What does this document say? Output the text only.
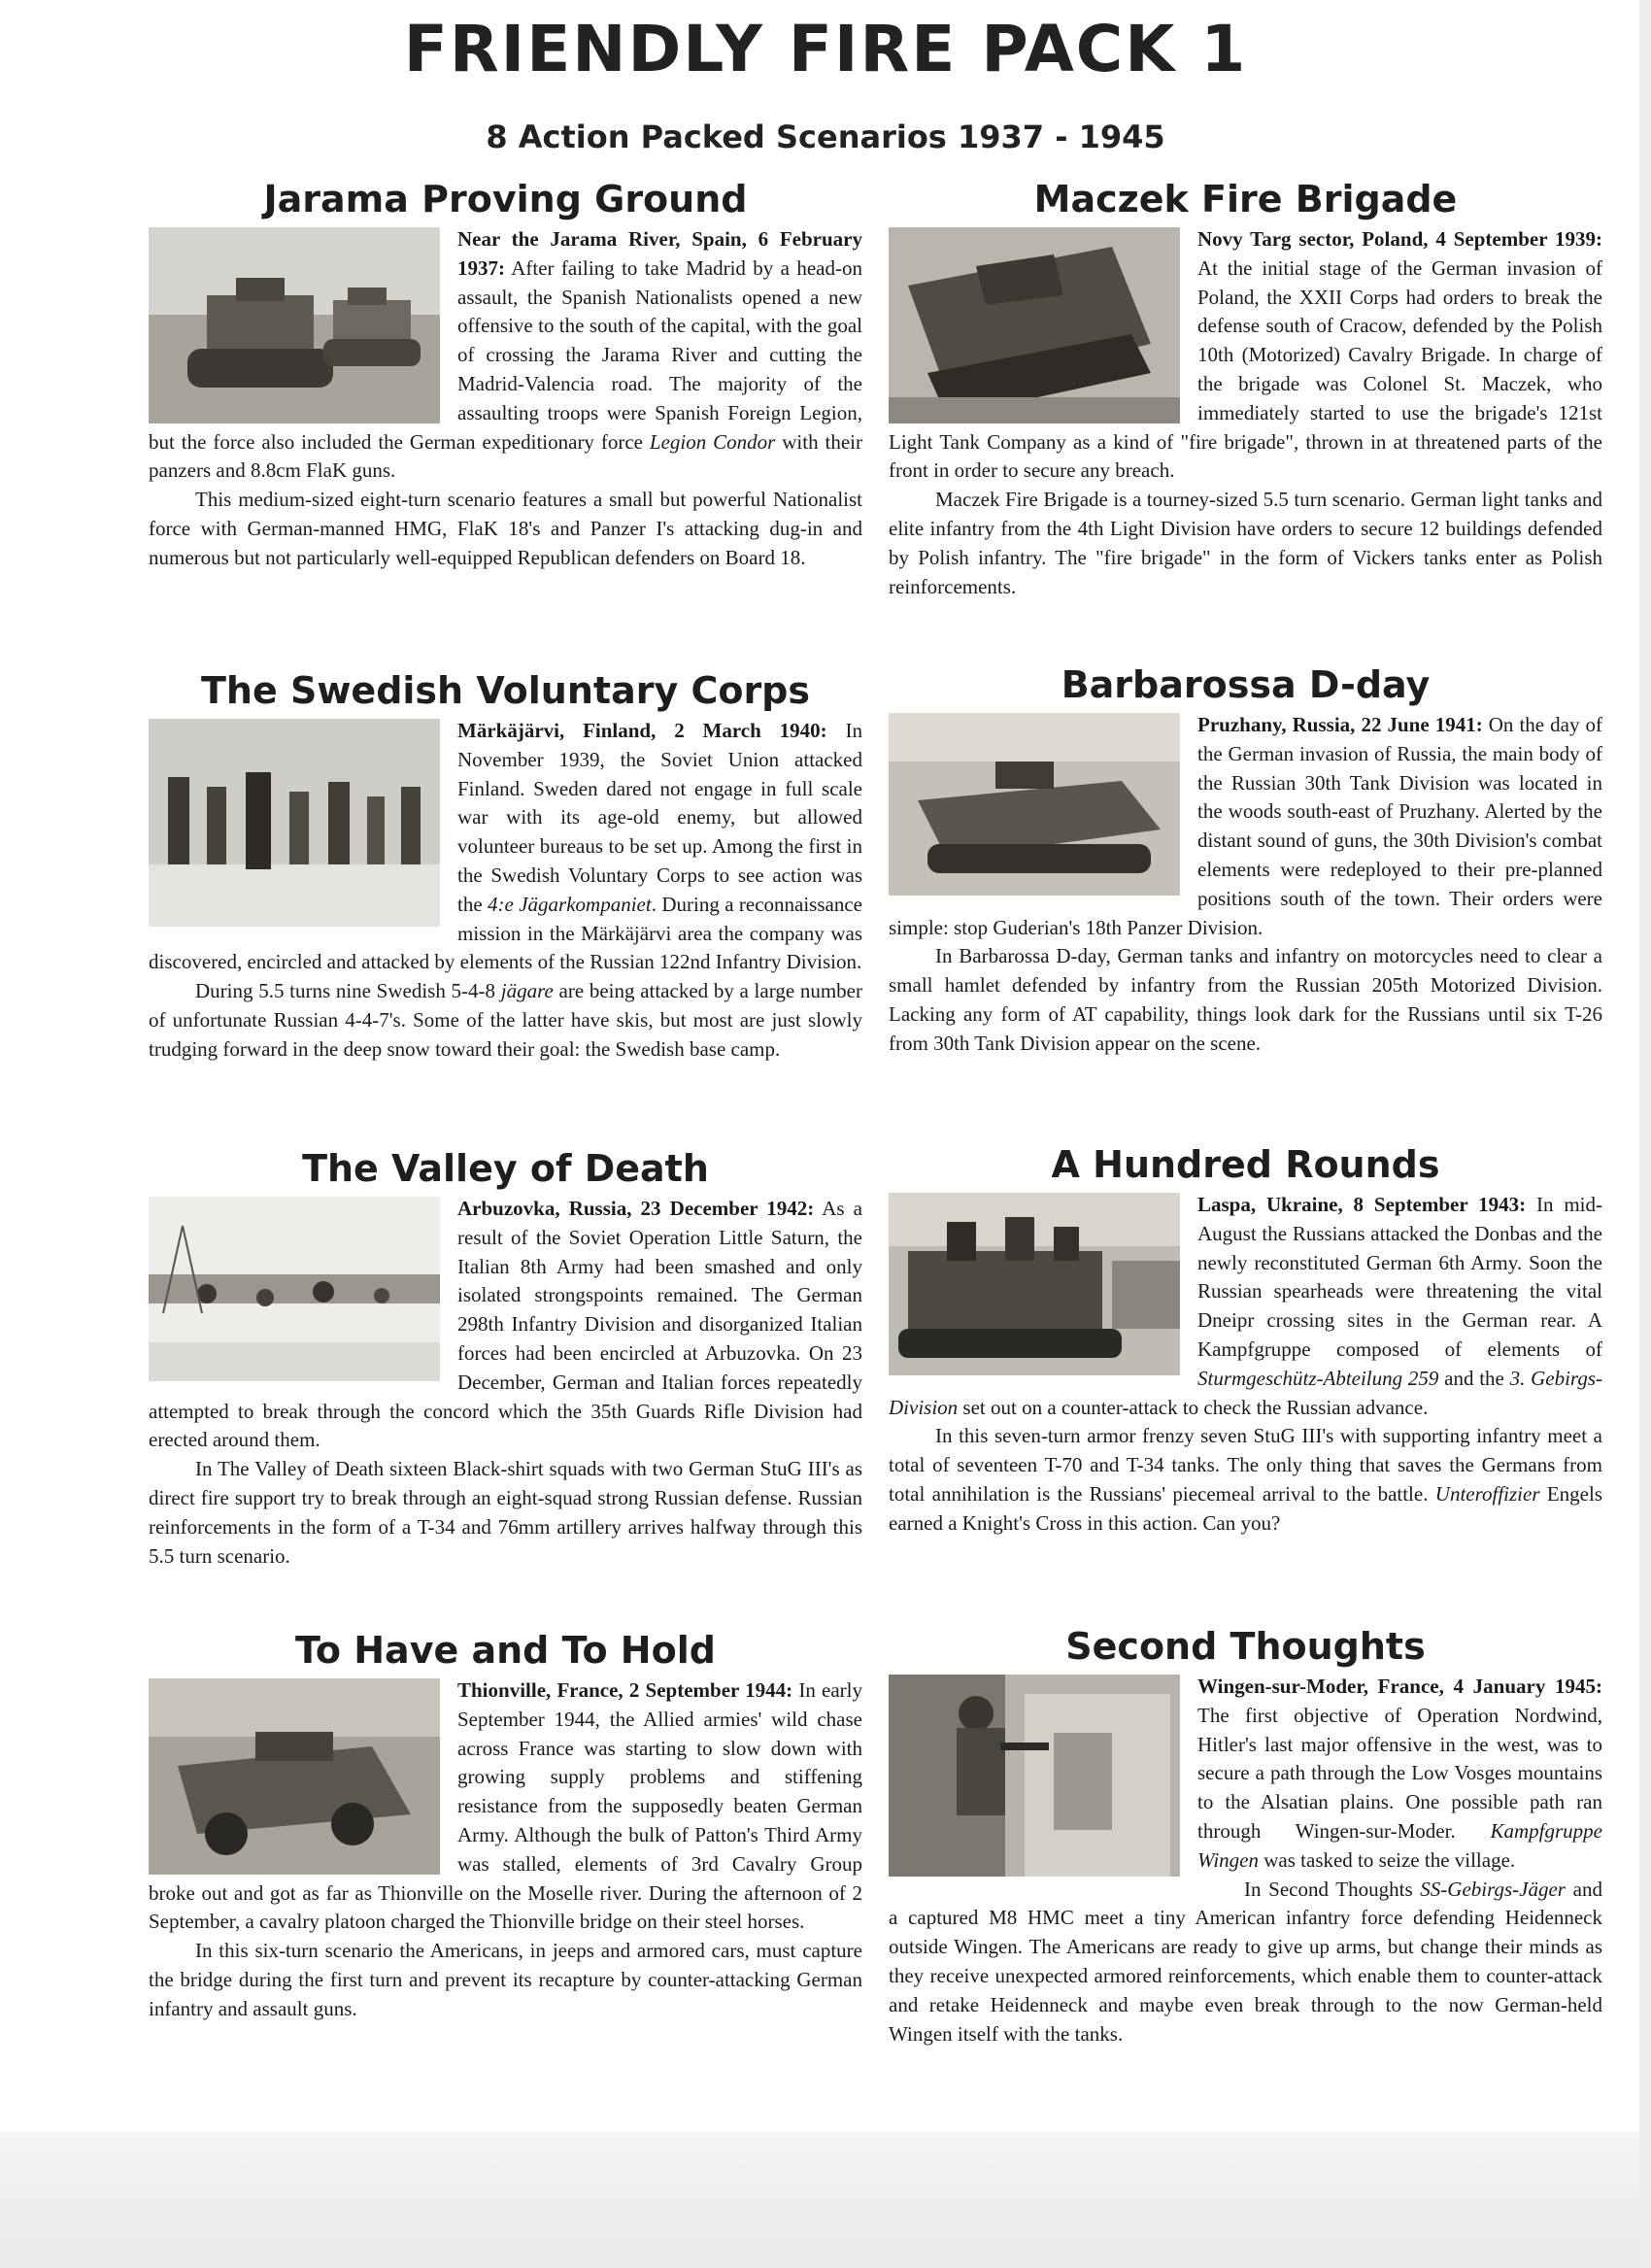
FRIENDLY FIRE PACK 1
8 Action Packed Scenarios 1937 - 1945
Jarama Proving Ground

Near the Jarama River, Spain, 6 February 1937: After failing to take Madrid by a head-on assault, the Spanish Nationalists opened a new offensive to the south of the capital, with the goal of crossing the Jarama River and cutting the Madrid-Valencia road. The majority of the assaulting troops were Spanish Foreign Legion, but the force also included the German expeditionary force Legion Condor with their panzers and 8.8cm FlaK guns.

This medium-sized eight-turn scenario features a small but powerful Nationalist force with German-manned HMG, FlaK 18's and Panzer I's attacking dug-in and numerous but not particularly well-equipped Republican defenders on Board 18.

Maczek Fire Brigade

Novy Targ sector, Poland, 4 September 1939: At the initial stage of the German invasion of Poland, the XXII Corps had orders to break the defense south of Cracow, defended by the Polish 10th (Motorized) Cavalry Brigade. In charge of the brigade was Colonel St. Maczek, who immediately started to use the brigade's 121st Light Tank Company as a kind of "fire brigade", thrown in at threatened parts of the front in order to secure any breach.

Maczek Fire Brigade is a tourney-sized 5.5 turn scenario. German light tanks and elite infantry from the 4th Light Division have orders to secure 12 buildings defended by Polish infantry. The "fire brigade" in the form of Vickers tanks enter as Polish reinforcements.

The Swedish Voluntary Corps

Märkäjärvi, Finland, 2 March 1940: In November 1939, the Soviet Union attacked Finland. Sweden dared not engage in full scale war with its age-old enemy, but allowed volunteer bureaus to be set up. Among the first in the Swedish Voluntary Corps to see action was the 4:e Jägarkompaniet. During a reconnaissance mission in the Märkäjärvi area the company was discovered, encircled and attacked by elements of the Russian 122nd Infantry Division.

During 5.5 turns nine Swedish 5-4-8 jägare are being attacked by a large number of unfortunate Russian 4-4-7's. Some of the latter have skis, but most are just slowly trudging forward in the deep snow toward their goal: the Swedish base camp.

Barbarossa D-day

Pruzhany, Russia, 22 June 1941: On the day of the German invasion of Russia, the main body of the Russian 30th Tank Division was located in the woods south-east of Pruzhany. Alerted by the distant sound of guns, the 30th Division's combat elements were redeployed to their pre-planned positions south of the town. Their orders were simple: stop Guderian's 18th Panzer Division.

In Barbarossa D-day, German tanks and infantry on motorcycles need to clear a small hamlet defended by infantry from the Russian 205th Motorized Division. Lacking any form of AT capability, things look dark for the Russians until six T-26 from 30th Tank Division appear on the scene.

The Valley of Death

Arbuzovka, Russia, 23 December 1942: As a result of the Soviet Operation Little Saturn, the Italian 8th Army had been smashed and only isolated strongspoints remained. The German 298th Infantry Division and disorganized Italian forces had been encircled at Arbuzovka. On 23 December, German and Italian forces repeatedly attempted to break through the concord which the 35th Guards Rifle Division had erected around them.

In The Valley of Death sixteen Black-shirt squads with two German StuG III's as direct fire support try to break through an eight-squad strong Russian defense. Russian reinforcements in the form of a T-34 and 76mm artillery arrives halfway through this 5.5 turn scenario.

A Hundred Rounds

Laspa, Ukraine, 8 September 1943: In mid-August the Russians attacked the Donbas and the newly reconstituted German 6th Army. Soon the Russian spearheads were threatening the vital Dneipr crossing sites in the German rear. A Kampfgruppe composed of elements of Sturmgeschütz-Abteilung 259 and the 3. Gebirgs-Division set out on a counter-attack to check the Russian advance.

In this seven-turn armor frenzy seven StuG III's with supporting infantry meet a total of seventeen T-70 and T-34 tanks. The only thing that saves the Germans from total annihilation is the Russians' piecemeal arrival to the battle. Unteroffizier Engels earned a Knight's Cross in this action. Can you?

To Have and To Hold

Thionville, France, 2 September 1944: In early September 1944, the Allied armies' wild chase across France was starting to slow down with growing supply problems and stiffening resistance from the supposedly beaten German Army. Although the bulk of Patton's Third Army was stalled, elements of 3rd Cavalry Group broke out and got as far as Thionville on the Moselle river. During the afternoon of 2 September, a cavalry platoon charged the Thionville bridge on their steel horses.

In this six-turn scenario the Americans, in jeeps and armored cars, must capture the bridge during the first turn and prevent its recapture by counter-attacking German infantry and assault guns.

Second Thoughts

Wingen-sur-Moder, France, 4 January 1945: The first objective of Operation Nordwind, Hitler's last major offensive in the west, was to secure a path through the Low Vosges mountains to the Alsatian plains. One possible path ran through Wingen-sur-Moder. Kampfgruppe Wingen was tasked to seize the village.

In Second Thoughts SS-Gebirgs-Jäger and a captured M8 HMC meet a tiny American infantry force defending Heidenneck outside Wingen. The Americans are ready to give up arms, but change their minds as they receive unexpected armored reinforcements, which enable them to counter-attack and retake Heidenneck and maybe even break through to the now German-held Wingen itself with the tanks.
